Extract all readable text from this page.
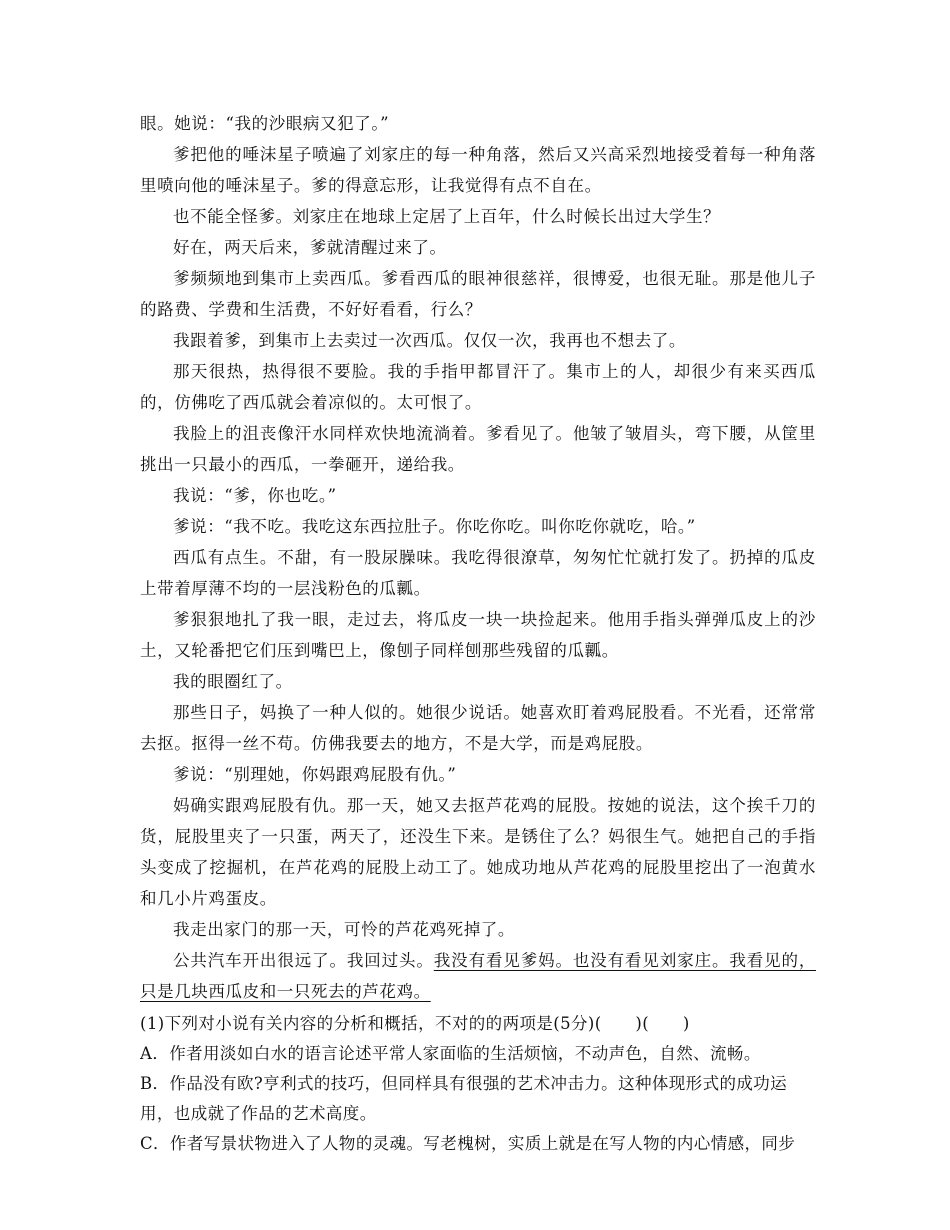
眼。她说：“我的沙眼病又犯了。”

爹把他的唾沫星子喷遍了刘家庄的每一种角落，然后又兴高采烈地接受着每一种角落里喷向他的唾沫星子。爹的得意忘形，让我觉得有点不自在。

也不能全怪爹。刘家庄在地球上定居了上百年，什么时候长出过大学生？

好在，两天后来，爹就清醒过来了。

爹频频地到集市上卖西瓜。爹看西瓜的眼神很慈祥，很博爱，也很无耻。那是他儿子的路费、学费和生活费，不好好看看，行么？

我跟着爹，到集市上去卖过一次西瓜。仅仅一次，我再也不想去了。

那天很热，热得很不要脸。我的手指甲都冒汗了。集市上的人，却很少有来买西瓜的，仿佛吃了西瓜就会着凉似的。太可恨了。

我脸上的沮丧像汗水同样欢快地流淌着。爹看见了。他皱了皱眉头，弯下腰，从筐里挑出一只最小的西瓜，一拳砸开，递给我。

我说：“爹，你也吃。”

爹说：“我不吃。我吃这东西拉肚子。你吃你吃。叫你吃你就吃，哈。”

西瓜有点生。不甜，有一股尿臊味。我吃得很潦草，匆匆忙忙就打发了。扔掉的瓜皮上带着厚薄不均的一层浅粉色的瓜瓤。

爹狠狠地扎了我一眼，走过去，将瓜皮一块一块捡起来。他用手指头弹弹瓜皮上的沙土，又轮番把它们压到嘴巴上，像刨子同样刨那些残留的瓜瓤。

我的眼圈红了。

那些日子，妈换了一种人似的。她很少说话。她喜欢盯着鸡屁股看。不光看，还常常去抠。抠得一丝不苟。仿佛我要去的地方，不是大学，而是鸡屁股。

爹说：“别理她，你妈跟鸡屁股有仇。”

妈确实跟鸡屁股有仇。那一天，她又去抠芦花鸡的屁股。按她的说法，这个挨千刀的货，屁股里夹了一只蛋，两天了，还没生下来。是锈住了么？妈很生气。她把自己的手指头变成了挖掘机，在芦花鸡的屁股上动工了。她成功地从芦花鸡的屁股里挖出了一泡黄水和几小片鸡蛋皮。

我走出家门的那一天，可怜的芦花鸡死掉了。

公共汽车开出很远了。我回过头。我没有看见爹妈。也没有看见刘家庄。我看见的，只是几块西瓜皮和一只死去的芦花鸡。

(1)下列对小说有关内容的分析和概括，不对的的两项是(5分)(　　)(　　)

A．作者用淡如白水的语言论述平常人家面临的生活烦恼，不动声色，自然、流畅。

B．作品没有欧?亨利式的技巧，但同样具有很强的艺术冲击力。这种体现形式的成功运用，也成就了作品的艺术高度。

C．作者写景状物进入了人物的灵魂。写老槐树，实质上就是在写人物的内心情感，同步
